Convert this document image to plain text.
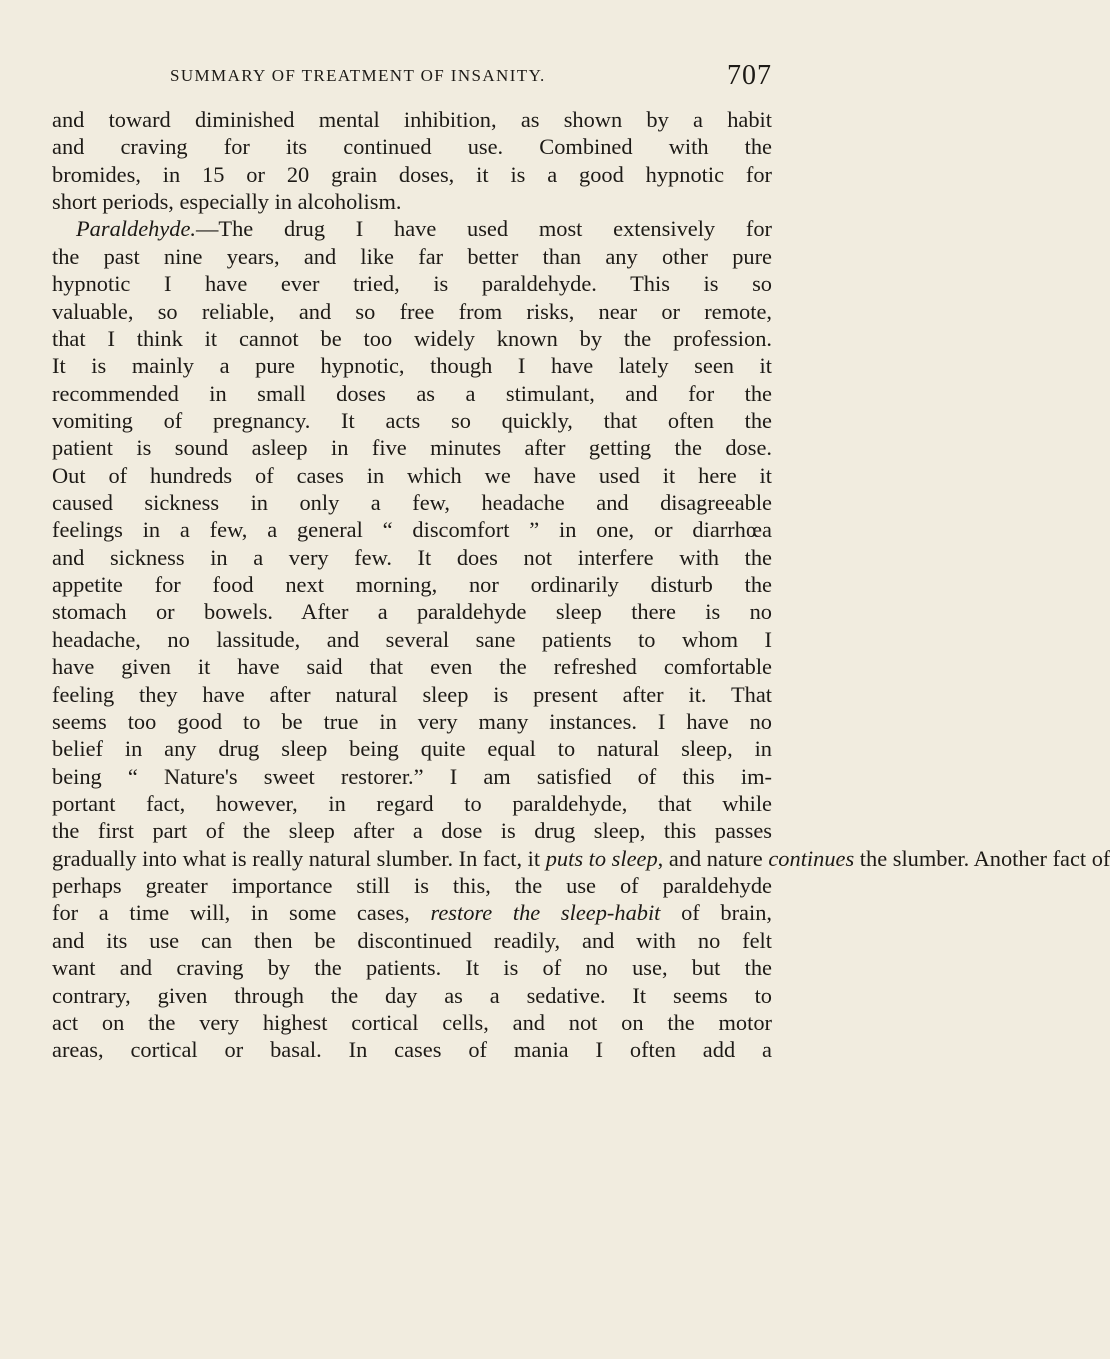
SUMMARY OF TREATMENT OF INSANITY.	707
and toward diminished mental inhibition, as shown by a habit
and craving for its continued use. Combined with the
bromides, in 15 or 20 grain doses, it is a good hypnotic for
short periods, especially in alcoholism.
Paraldehyde.—The drug I have used most extensively for
the past nine years, and like far better than any other pure
hypnotic I have ever tried, is paraldehyde. This is so
valuable, so reliable, and so free from risks, near or remote,
that I think it cannot be too widely known by the profession.
It is mainly a pure hypnotic, though I have lately seen it
recommended in small doses as a stimulant, and for the
vomiting of pregnancy. It acts so quickly, that often the
patient is sound asleep in five minutes after getting the dose.
Out of hundreds of cases in which we have used it here it
caused sickness in only a few, headache and disagreeable
feelings in a few, a general “ discomfort ” in one, or diarrhœa
and sickness in a very few. It does not interfere with the
appetite for food next morning, nor ordinarily disturb the
stomach or bowels. After a paraldehyde sleep there is no
headache, no lassitude, and several sane patients to whom I
have given it have said that even the refreshed comfortable
feeling they have after natural sleep is present after it. That
seems too good to be true in very many instances. I have no
belief in any drug sleep being quite equal to natural sleep, in
being “ Nature's sweet restorer.” I am satisfied of this im-
portant fact, however, in regard to paraldehyde, that while
the first part of the sleep after a dose is drug sleep, this passes
gradually into what is really natural slumber. In fact, it puts to sleep, and nature continues the slumber. Another fact of
perhaps greater importance still is this, the use of paraldehyde
for a time will, in some cases, restore the sleep-habit of brain,
and its use can then be discontinued readily, and with no felt
want and craving by the patients. It is of no use, but the
contrary, given through the day as a sedative. It seems to
act on the very highest cortical cells, and not on the motor
areas, cortical or basal. In cases of mania I often add a
